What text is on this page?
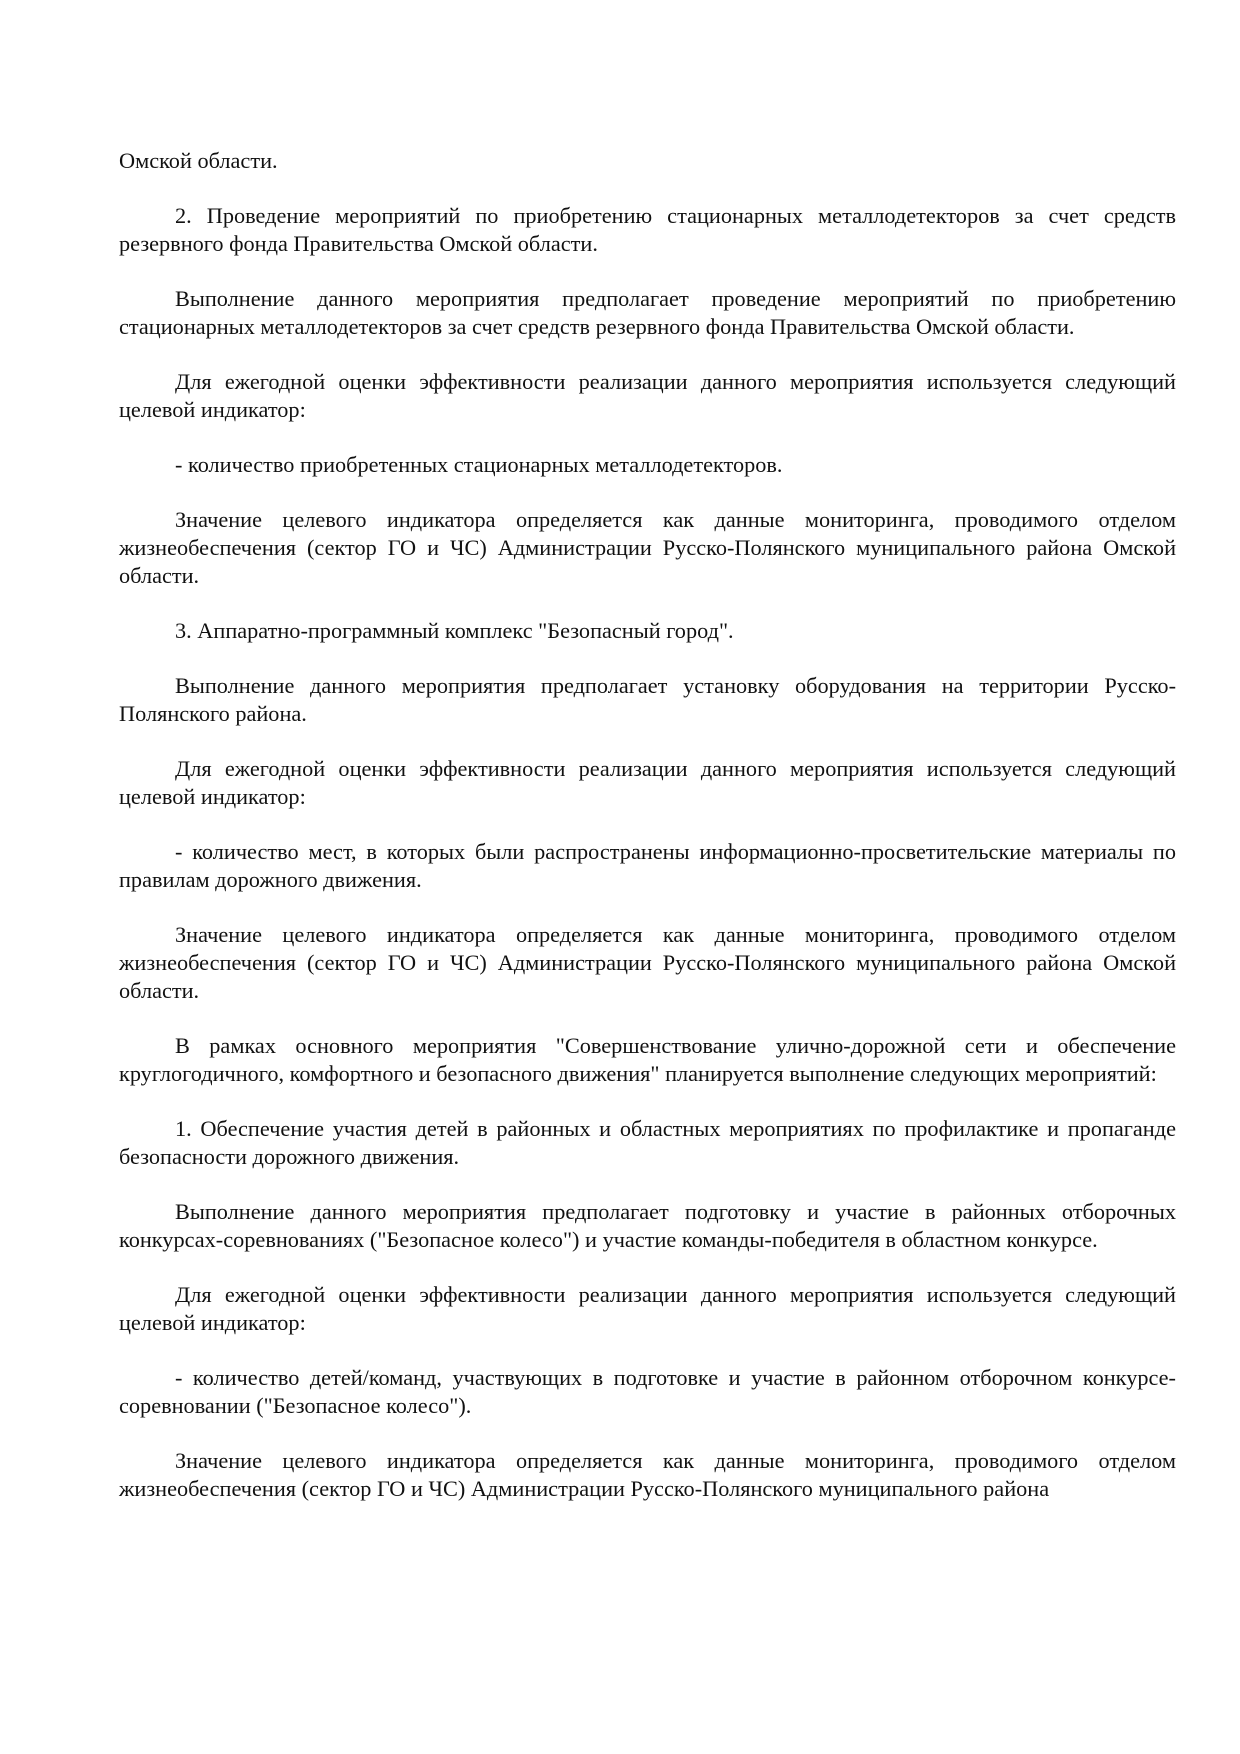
Омской области.

2. Проведение мероприятий по приобретению стационарных металлодетекторов за счет средств резервного фонда Правительства Омской области.

Выполнение данного мероприятия предполагает проведение мероприятий по приобретению стационарных металлодетекторов за счет средств резервного фонда Правительства Омской области.

Для ежегодной оценки эффективности реализации данного мероприятия используется следующий целевой индикатор:

- количество приобретенных стационарных металлодетекторов.

Значение целевого индикатора определяется как данные мониторинга, проводимого отделом жизнеобеспечения (сектор ГО и ЧС) Администрации Русско-Полянского муниципального района Омской области.

3. Аппаратно-программный комплекс "Безопасный город".

Выполнение данного мероприятия предполагает установку оборудования на территории Русско-Полянского района.

Для ежегодной оценки эффективности реализации данного мероприятия используется следующий целевой индикатор:

- количество мест, в которых были распространены информационно-просветительские материалы по правилам дорожного движения.

Значение целевого индикатора определяется как данные мониторинга, проводимого отделом жизнеобеспечения (сектор ГО и ЧС) Администрации Русско-Полянского муниципального района Омской области.

В рамках основного мероприятия "Совершенствование улично-дорожной сети и обеспечение круглогодичного, комфортного и безопасного движения" планируется выполнение следующих мероприятий:

1. Обеспечение участия детей в районных и областных мероприятиях по профилактике и пропаганде безопасности дорожного движения.

Выполнение данного мероприятия предполагает подготовку и участие в районных отборочных конкурсах-соревнованиях ("Безопасное колесо") и участие команды-победителя в областном конкурсе.

Для ежегодной оценки эффективности реализации данного мероприятия используется следующий целевой индикатор:

- количество детей/команд, участвующих в подготовке и участие в районном отборочном конкурсе-соревновании ("Безопасное колесо").

Значение целевого индикатора определяется как данные мониторинга, проводимого отделом жизнеобеспечения (сектор ГО и ЧС) Администрации Русско-Полянского муниципального района
